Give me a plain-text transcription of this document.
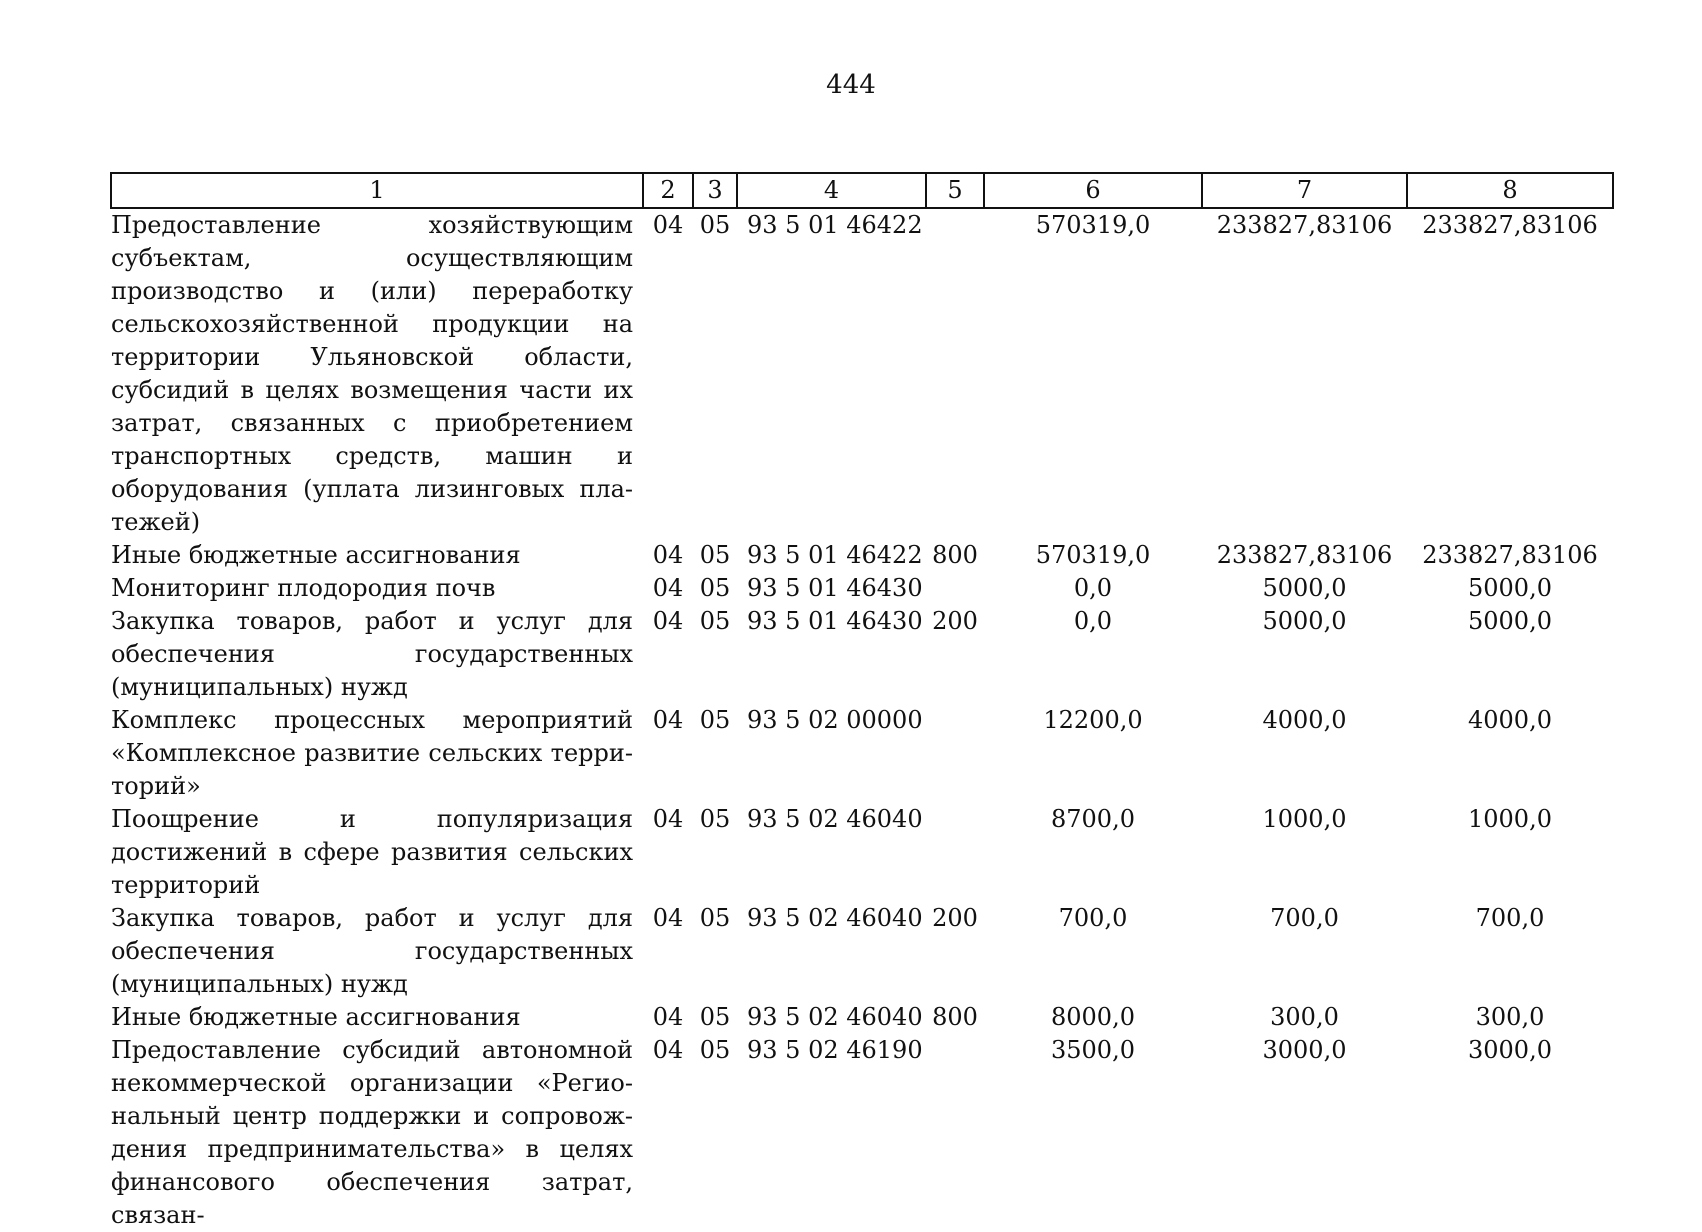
444
1	2	3	4	5	6	7	8
Предоставление хозяйствующим субъектам, осуществляющим производство и (или) переработку сельскохозяйственной продукции на территории Ульяновской области, субсидий в целях возмещения части их затрат, связанных с приобретением транспортных средств, машин и оборудования (уплата лизинговых платежей)	04	05	93 5 01 46422		570319,0	233827,83106	233827,83106
Иные бюджетные ассигнования	04	05	93 5 01 46422	800	570319,0	233827,83106	233827,83106
Мониторинг плодородия почв	04	05	93 5 01 46430		0,0	5000,0	5000,0
Закупка товаров, работ и услуг для обеспечения государственных (муниципальных) нужд	04	05	93 5 01 46430	200	0,0	5000,0	5000,0
Комплекс процессных мероприятий «Комплексное развитие сельских территорий»	04	05	93 5 02 00000		12200,0	4000,0	4000,0
Поощрение и популяризация достижений в сфере развития сельских территорий	04	05	93 5 02 46040		8700,0	1000,0	1000,0
Закупка товаров, работ и услуг для обеспечения государственных (муниципальных) нужд	04	05	93 5 02 46040	200	700,0	700,0	700,0
Иные бюджетные ассигнования	04	05	93 5 02 46040	800	8000,0	300,0	300,0
Предоставление субсидий автономной некоммерческой организации «Региональный центр поддержки и сопровождения предпринимательства» в целях финансового обеспечения затрат, связан-	04	05	93 5 02 46190		3500,0	3000,0	3000,0
